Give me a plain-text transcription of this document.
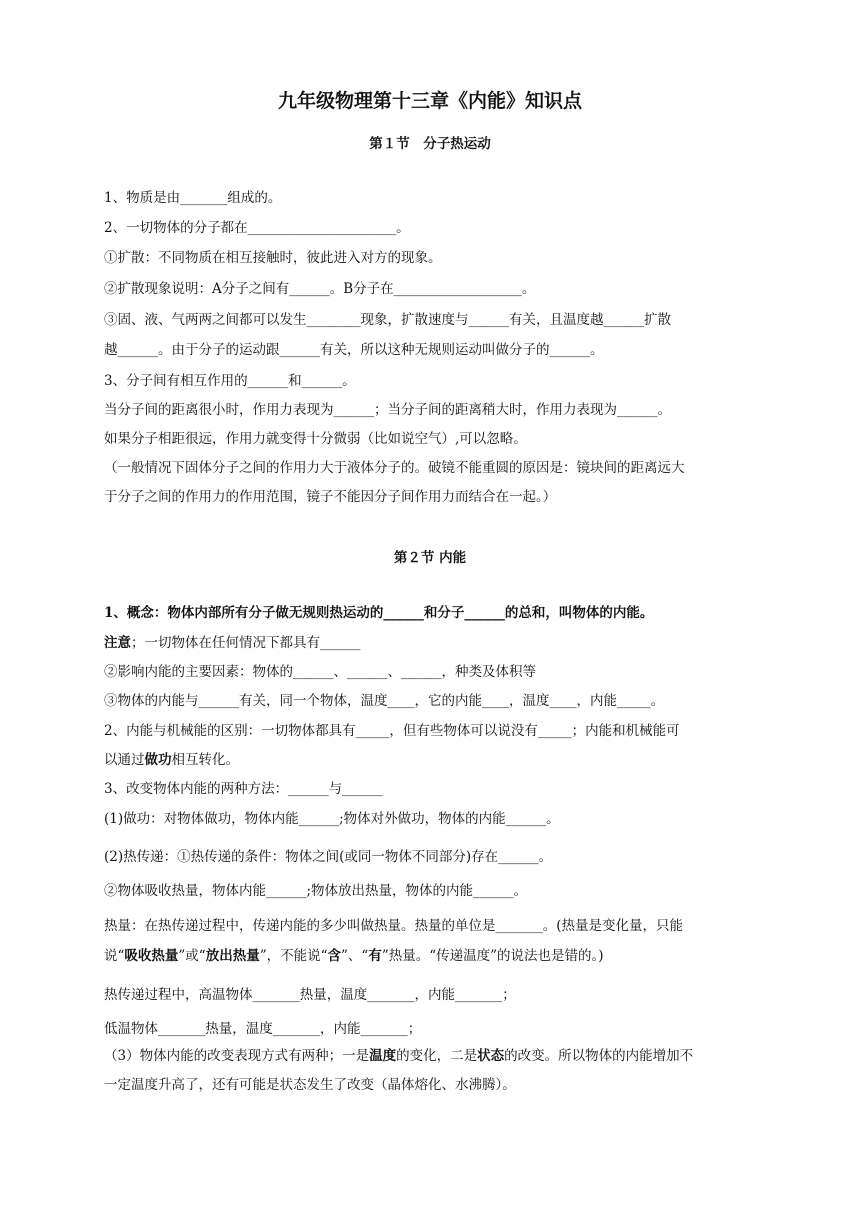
九年级物理第十三章《内能》知识点
第１节　分子热运动
1、物质是由_______组成的。
2、一切物体的分子都在______________________。
①扩散：不同物质在相互接触时，彼此进入对方的现象。
②扩散现象说明：A分子之间有______。B分子在___________________。
③固、液、气两两之间都可以发生________现象，扩散速度与______有关，且温度越______扩散
越______。由于分子的运动跟______有关，所以这种无规则运动叫做分子的______。
3、分子间有相互作用的______和______。
当分子间的距离很小时，作用力表现为______；当分子间的距离稍大时，作用力表现为______。
如果分子相距很远，作用力就变得十分微弱（比如说空气）,可以忽略。
（一般情况下固体分子之间的作用力大于液体分子的。破镜不能重圆的原因是：镜块间的距离远大
于分子之间的作用力的作用范围，镜子不能因分子间作用力而结合在一起。）
第２节 内能
1、概念：物体内部所有分子做无规则热运动的______和分子______的总和，叫物体的内能。
注意；一切物体在任何情况下都具有______
②影响内能的主要因素：物体的______、______、______，种类及体积等
③物体的内能与______有关，同一个物体，温度____，它的内能____，温度____，内能_____。
2、内能与机械能的区别：一切物体都具有_____，但有些物体可以说没有_____；内能和机械能可
以通过做功相互转化。
3、改变物体内能的两种方法：______与______
(1)做功：对物体做功，物体内能______;物体对外做功，物体的内能______。
(2)热传递：①热传递的条件：物体之间(或同一物体不同部分)存在______。
②物体吸收热量，物体内能______;物体放出热量，物体的内能______。
热量：在热传递过程中，传递内能的多少叫做热量。热量的单位是_______。(热量是变化量，只能
说“吸收热量”或“放出热量”，不能说“含”、“有”热量。“传递温度”的说法也是错的。)
热传递过程中，高温物体_______热量，温度_______，内能_______；
低温物体_______热量，温度_______，内能_______；
（3）物体内能的改变表现方式有两种；一是温度的变化，二是状态的改变。所以物体的内能增加不
一定温度升高了，还有可能是状态发生了改变（晶体熔化、水沸腾）。
